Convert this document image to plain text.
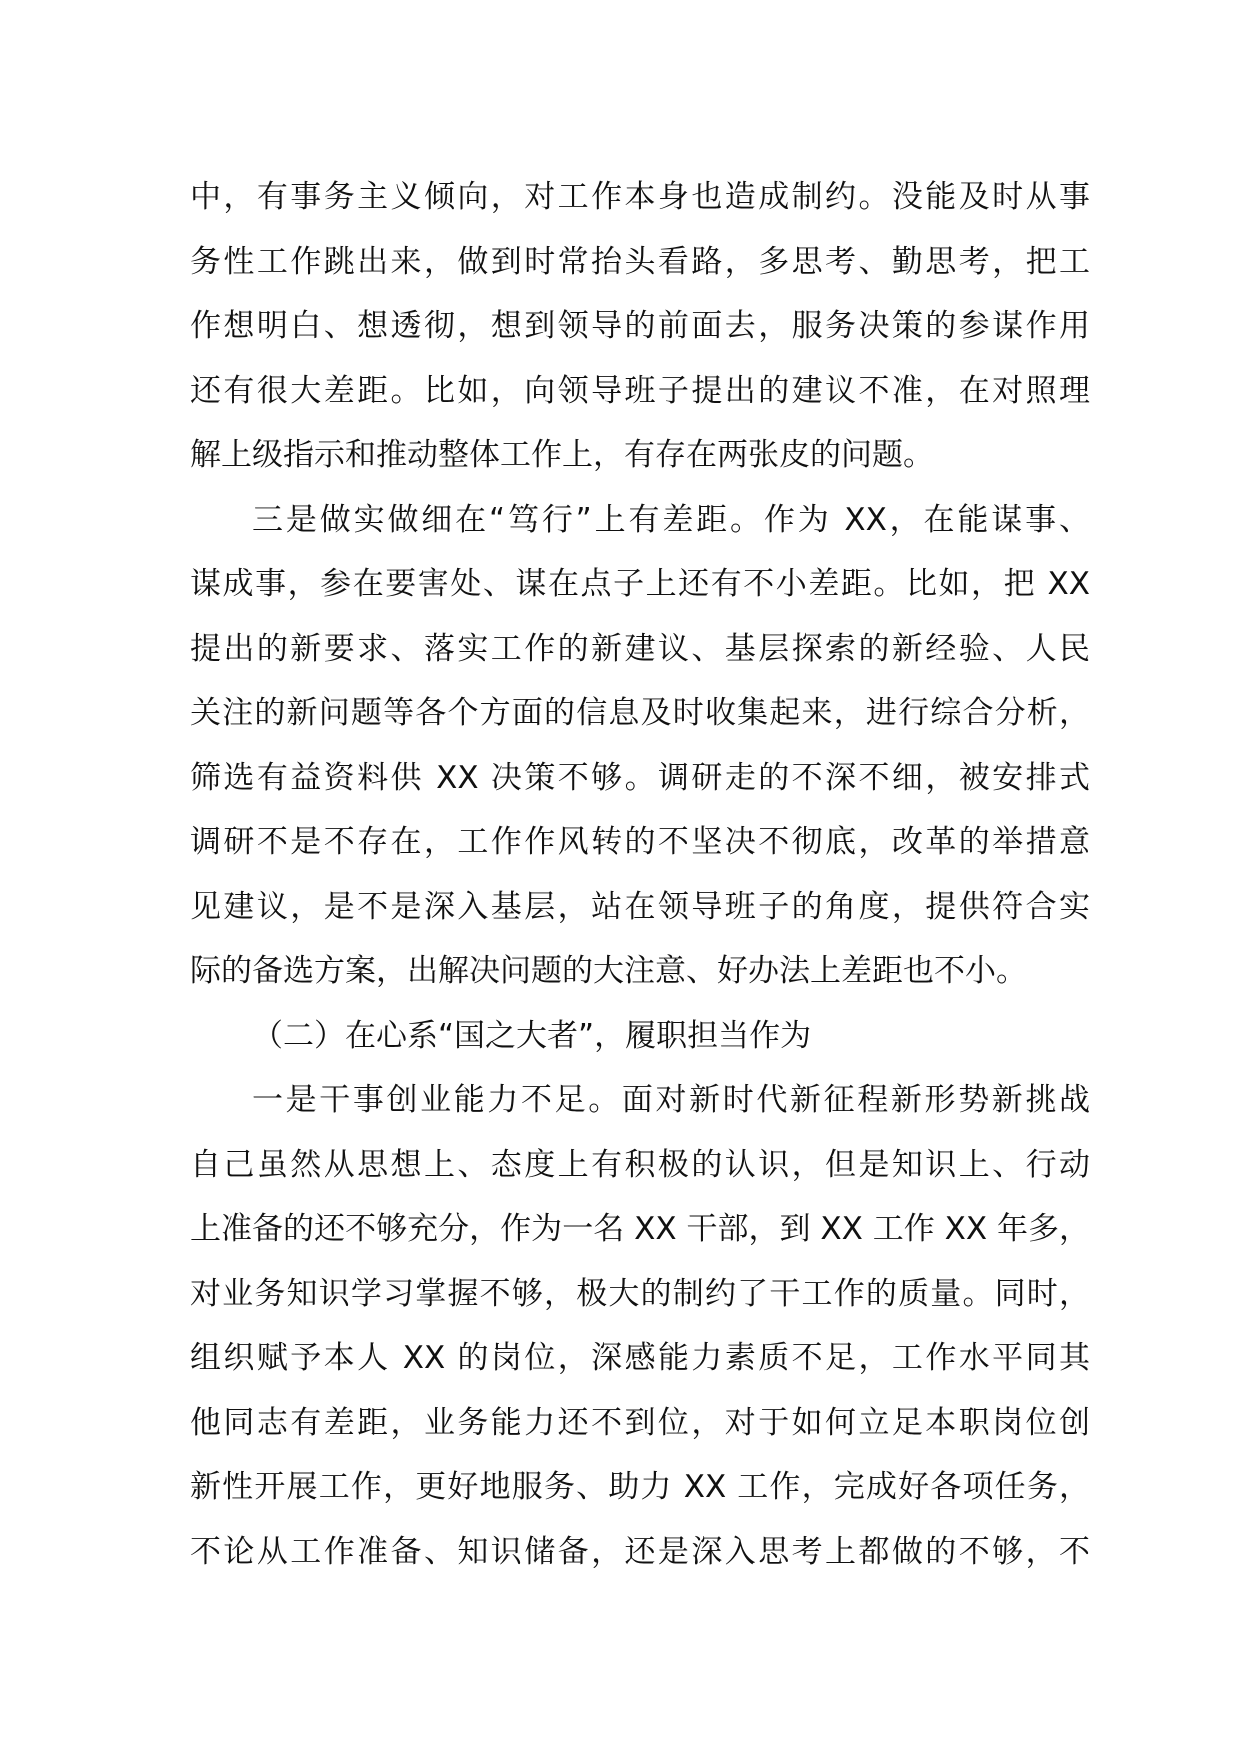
中，有事务主义倾向，对工作本身也造成制约。没能及时从事
务性工作跳出来，做到时常抬头看路，多思考、勤思考，把工
作想明白、想透彻，想到领导的前面去，服务决策的参谋作用
还有很大差距。比如，向领导班子提出的建议不准，在对照理
解上级指示和推动整体工作上，有存在两张皮的问题。
三是做实做细在“笃行”上有差距。作为 XX，在能谋事、
谋成事，参在要害处、谋在点子上还有不小差距。比如，把 XX
提出的新要求、落实工作的新建议、基层探索的新经验、人民
关注的新问题等各个方面的信息及时收集起来，进行综合分析，
筛选有益资料供 XX 决策不够。调研走的不深不细，被安排式
调研不是不存在，工作作风转的不坚决不彻底，改革的举措意
见建议，是不是深入基层，站在领导班子的角度，提供符合实
际的备选方案，出解决问题的大注意、好办法上差距也不小。
（二）在心系“国之大者”，履职担当作为
一是干事创业能力不足。面对新时代新征程新形势新挑战
自己虽然从思想上、态度上有积极的认识，但是知识上、行动
上准备的还不够充分，作为一名 XX 干部，到 XX 工作 XX 年多，
对业务知识学习掌握不够，极大的制约了干工作的质量。同时，
组织赋予本人 XX 的岗位，深感能力素质不足，工作水平同其
他同志有差距，业务能力还不到位，对于如何立足本职岗位创
新性开展工作，更好地服务、助力 XX 工作，完成好各项任务，
不论从工作准备、知识储备，还是深入思考上都做的不够，不
